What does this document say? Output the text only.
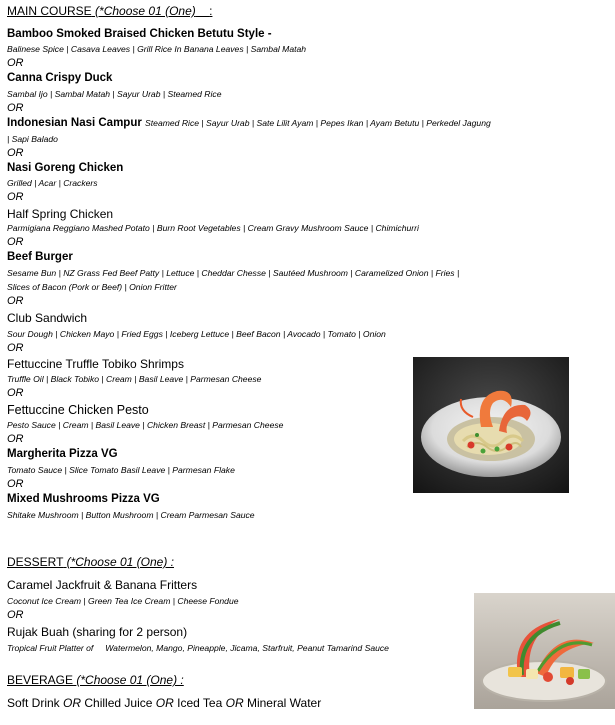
MAIN COURSE (*Choose 01 (One) :
Bamboo Smoked Braised Chicken Betutu Style -
Balinese Spice | Casava Leaves | Grill Rice In Banana Leaves | Sambal Matah
OR
Canna Crispy Duck
Sambal Ijo | Sambal Matah | Sayur Urab | Steamed Rice
OR
Indonesian Nasi Campur Steamed Rice | Sayur Urab | Sate Lilit Ayam | Pepes Ikan | Ayam Betutu | Perkedel Jagung
| Sapi Balado
OR
Nasi Goreng Chicken
Grilled | Acar | Crackers
OR
Half Spring Chicken
Parmigiana Reggiano Mashed Potato | Burn Root Vegetables | Cream Gravy Mushroom Sauce | Chimichurri
OR
Beef Burger
Sesame Bun | NZ Grass Fed Beef Patty | Lettuce | Cheddar Chesse | Sautéed Mushroom | Caramelized Onion | Fries |
Slices of Bacon (Pork or Beef) | Onion Fritter
OR
Club Sandwich
Sour Dough | Chicken Mayo | Fried Eggs | Iceberg Lettuce | Beef Bacon | Avocado | Tomato | Onion
OR
Fettuccine Truffle Tobiko Shrimps
Truffle Oil | Black Tobiko | Cream | Basil Leave | Parmesan Cheese
OR
Fettuccine Chicken Pesto
Pesto Sauce | Cream | Basil Leave | Chicken Breast | Parmesan Cheese
OR
Margherita Pizza VG
Tomato Sauce | Slice Tomato Basil Leave | Parmesan Flake
OR
Mixed Mushrooms Pizza VG
Shitake Mushroom | Button Mushroom | Cream Parmesan Sauce
DESSERT (*Choose 01 (One) :
Caramel Jackfruit & Banana Fritters
Coconut Ice Cream | Green Tea Ice Cream | Cheese Fondue
OR
Rujak Buah (sharing for 2 person)
Tropical Fruit Platter of     Watermelon, Mango, Pineapple, Jicama, Starfruit, Peanut Tamarind Sauce
BEVERAGE (*Choose 01 (One) :
Soft Drink OR Chilled Juice OR Iced Tea OR Mineral Water
